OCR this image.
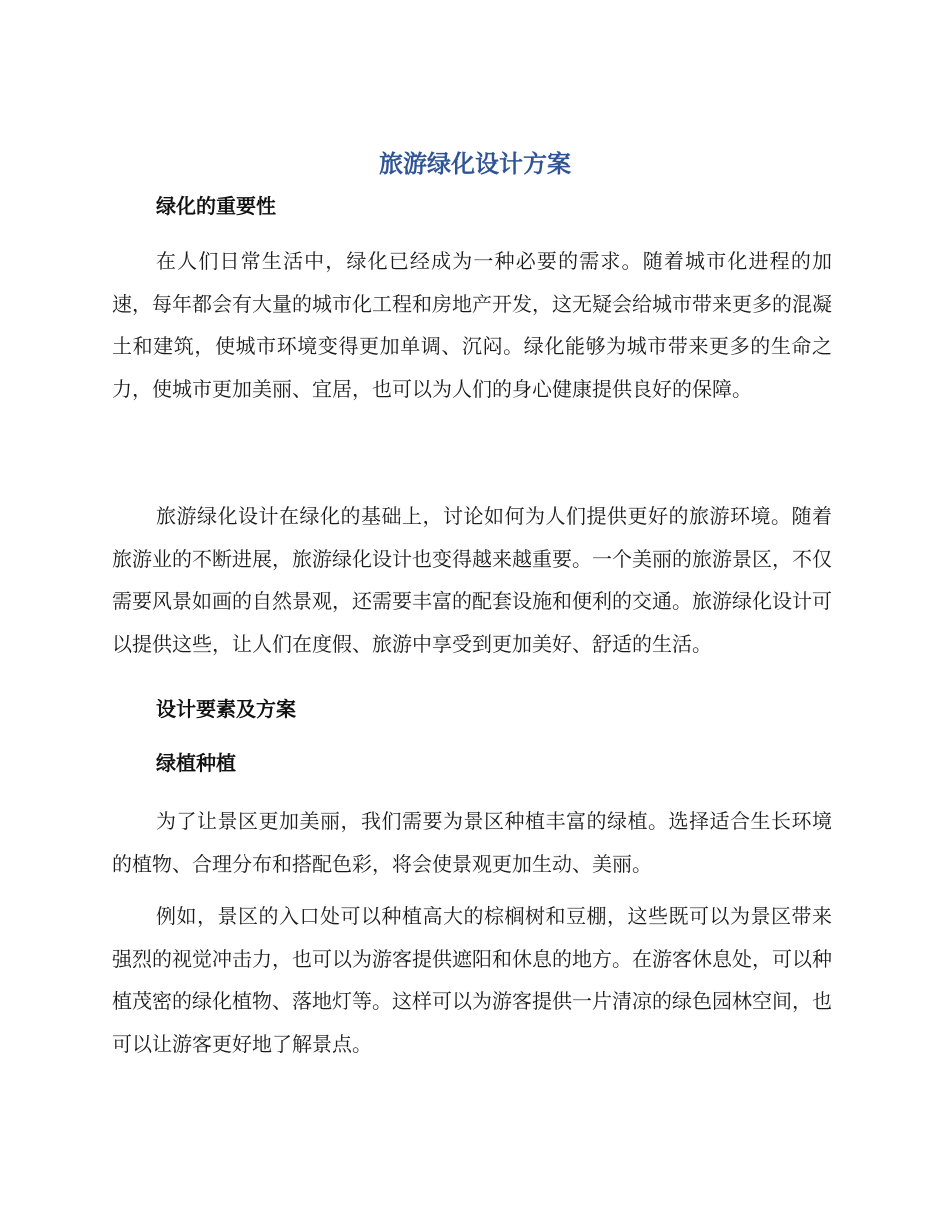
旅游绿化设计方案
绿化的重要性

在人们日常生活中，绿化已经成为一种必要的需求。随着城市化进程的加速，每年都会有大量的城市化工程和房地产开发，这无疑会给城市带来更多的混凝土和建筑，使城市环境变得更加单调、沉闷。绿化能够为城市带来更多的生命之力，使城市更加美丽、宜居，也可以为人们的身心健康提供良好的保障。

旅游绿化设计在绿化的基础上，讨论如何为人们提供更好的旅游环境。随着旅游业的不断进展，旅游绿化设计也变得越来越重要。一个美丽的旅游景区，不仅需要风景如画的自然景观，还需要丰富的配套设施和便利的交通。旅游绿化设计可以提供这些，让人们在度假、旅游中享受到更加美好、舒适的生活。

设计要素及方案
绿植种植

为了让景区更加美丽，我们需要为景区种植丰富的绿植。选择适合生长环境的植物、合理分布和搭配色彩，将会使景观更加生动、美丽。

例如，景区的入口处可以种植高大的棕榈树和豆棚，这些既可以为景区带来强烈的视觉冲击力，也可以为游客提供遮阳和休息的地方。在游客休息处，可以种植茂密的绿化植物、落地灯等。这样可以为游客提供一片清凉的绿色园林空间，也可以让游客更好地了解景点。
